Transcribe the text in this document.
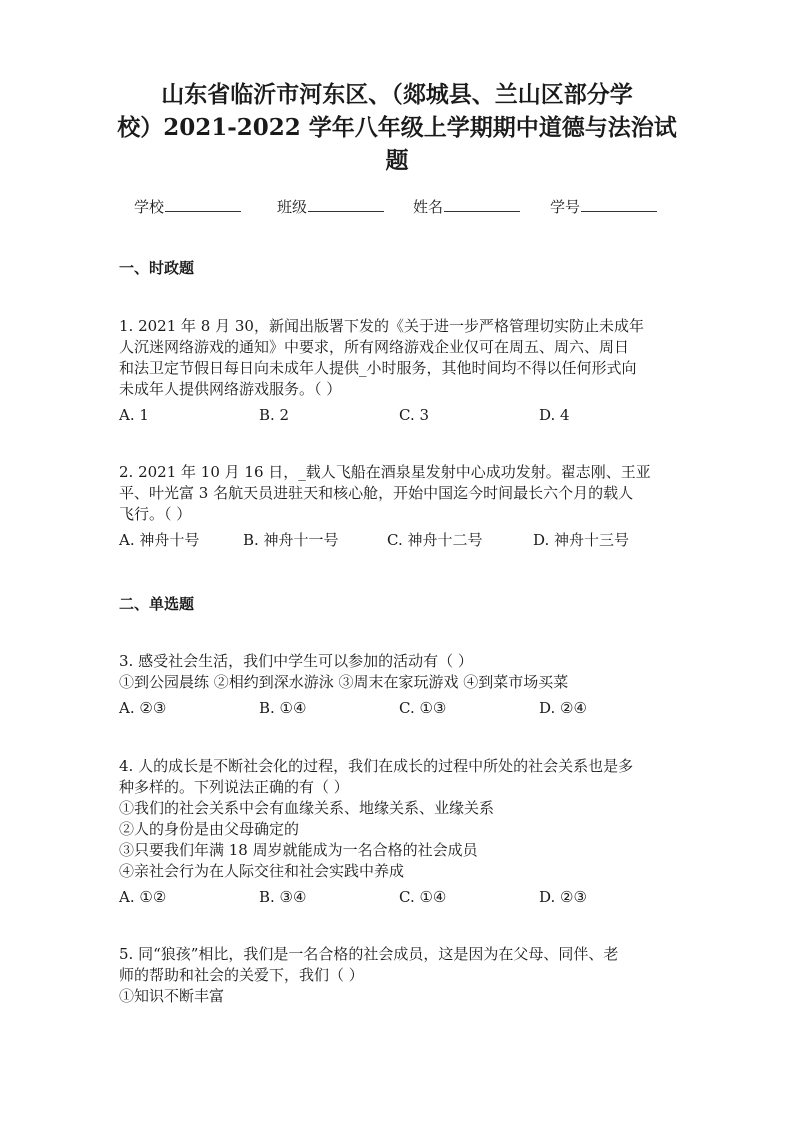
山东省临沂市河东区、（郯城县、兰山区部分学
校）2021-2022 学年八年级上学期期中道德与法治试
题
学校	班级	姓名	学号
一、时政题
1. 2021 年 8 月 30，新闻出版署下发的《关于进一步严格管理切实防止未成年
人沉迷网络游戏的通知》中要求，所有网络游戏企业仅可在周五、周六、周日
和法卫定节假日每日向未成年人提供_小时服务，其他时间均不得以任何形式向
未成年人提供网络游戏服务。（ ）
A. 1	B. 2	C. 3	D. 4
2. 2021 年 10 月 16 日，_载人飞船在酒泉星发射中心成功发射。翟志刚、王亚
平、叶光富 3 名航天员进驻天和核心舱，开始中国迄今时间最长六个月的载人
飞行。（ ）
A. 神舟十号	B. 神舟十一号	C. 神舟十二号	D. 神舟十三号
二、单选题
3. 感受社会生活，我们中学生可以参加的活动有（ ）
①到公园晨练 ②相约到深水游泳 ③周末在家玩游戏 ④到菜市场买菜
A. ②③	B. ①④	C. ①③	D. ②④
4. 人的成长是不断社会化的过程，我们在成长的过程中所处的社会关系也是多
种多样的。下列说法正确的有（ ）
①我们的社会关系中会有血缘关系、地缘关系、业缘关系
②人的身份是由父母确定的
③只要我们年满 18 周岁就能成为一名合格的社会成员
④亲社会行为在人际交往和社会实践中养成
A. ①②	B. ③④	C. ①④	D. ②③
5. 同“狼孩”相比，我们是一名合格的社会成员，这是因为在父母、同伴、老
师的帮助和社会的关爱下，我们（ ）
①知识不断丰富
